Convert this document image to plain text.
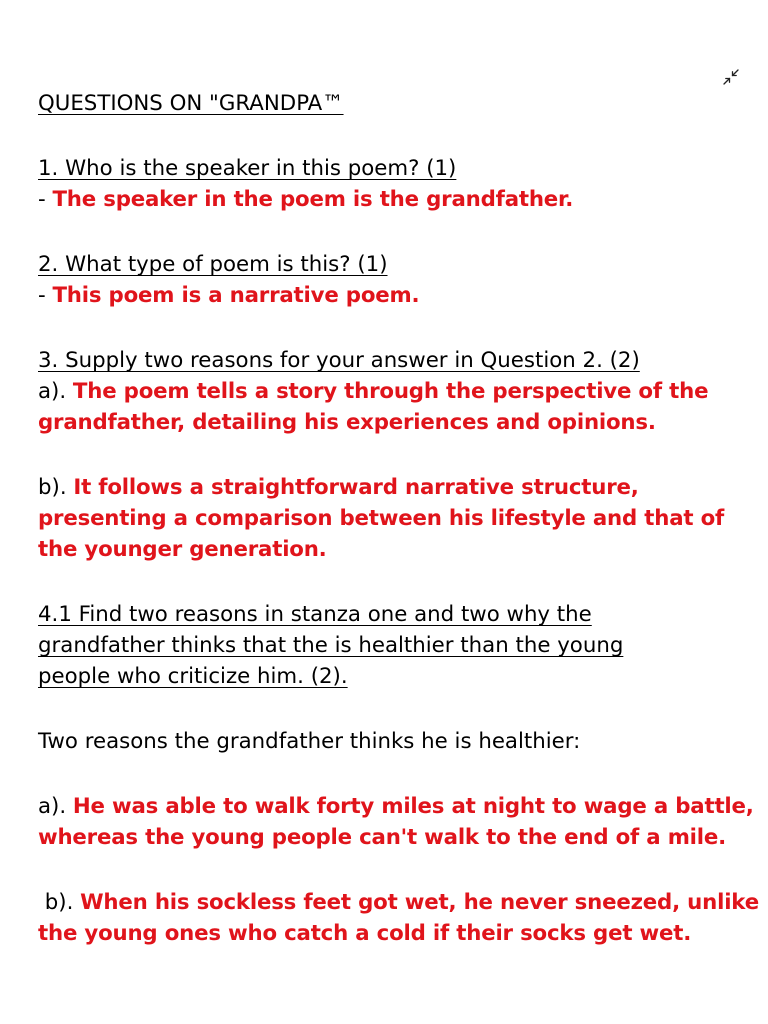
QUESTIONS ON "GRANDPA™
1. Who is the speaker in this poem? (1)
- The speaker in the poem is the grandfather.
2. What type of poem is this? (1)
- This poem is a narrative poem.
3. Supply two reasons for your answer in Question 2. (2)
a). The poem tells a story through the perspective of the
grandfather, detailing his experiences and opinions.
b). It follows a straightforward narrative structure,
presenting a comparison between his lifestyle and that of
the younger generation.
4.1 Find two reasons in stanza one and two why the
grandfather thinks that the is healthier than the young
people who criticize him. (2).
Two reasons the grandfather thinks he is healthier:
a). He was able to walk forty miles at night to wage a battle,
whereas the young people can't walk to the end of a mile.
b). When his sockless feet got wet, he never sneezed, unlike
the young ones who catch a cold if their socks get wet.
